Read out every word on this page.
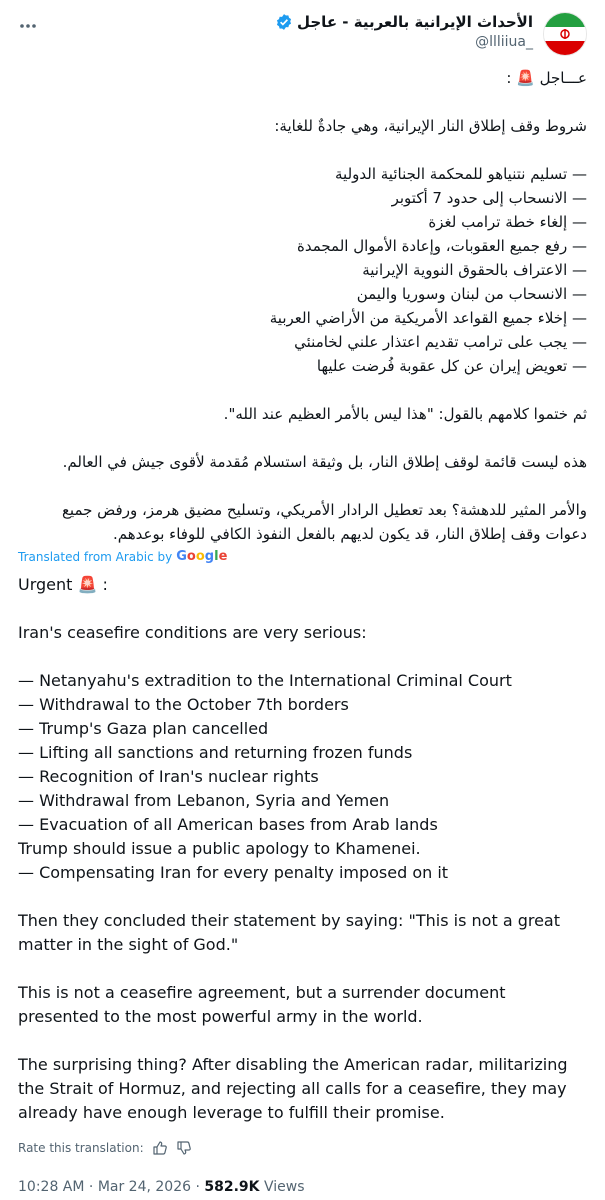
الأحداث الإيرانية بالعربية - عاجل
@llliiua_

عـــاجل 🚨 :

شروط وقف إطلاق النار الإيرانية، وهي جادةٌ للغاية:

— تسليم نتنياهو للمحكمة الجنائية الدولية

— الانسحاب إلى حدود 7 أكتوبر

— إلغاء خطة ترامب لغزة

— رفع جميع العقوبات، وإعادة الأموال المجمدة

— الاعتراف بالحقوق النووية الإيرانية

— الانسحاب من لبنان وسوريا واليمن

— إخلاء جميع القواعد الأمريكية من الأراضي العربية

— يجب على ترامب تقديم اعتذار علني لخامنئي

— تعويض إيران عن كل عقوبة فُرضت عليها

ثم ختموا كلامهم بالقول: "هذا ليس بالأمر العظيم عند الله".

هذه ليست قائمة لوقف إطلاق النار، بل وثيقة استسلام مُقدمة لأقوى جيش في العالم.

والأمر المثير للدهشة؟ بعد تعطيل الرادار الأمريكي، وتسليح مضيق هرمز، ورفض جميع

دعوات وقف إطلاق النار، قد يكون لديهم بالفعل النفوذ الكافي للوفاء بوعدهم.

Translated from Arabic by Google

Urgent 🚨 :

Iran's ceasefire conditions are very serious:

— Netanyahu's extradition to the International Criminal Court

— Withdrawal to the October 7th borders

— Trump's Gaza plan cancelled

— Lifting all sanctions and returning frozen funds

— Recognition of Iran's nuclear rights

— Withdrawal from Lebanon, Syria and Yemen

— Evacuation of all American bases from Arab lands

Trump should issue a public apology to Khamenei.

— Compensating Iran for every penalty imposed on it

Then they concluded their statement by saying: "This is not a great matter in the sight of God."

This is not a ceasefire agreement, but a surrender document presented to the most powerful army in the world.

The surprising thing? After disabling the American radar, militarizing the Strait of Hormuz, and rejecting all calls for a ceasefire, they may already have enough leverage to fulfill their promise.

Rate this translation:
10:28 AM · Mar 24, 2026 · 582.9K Views
